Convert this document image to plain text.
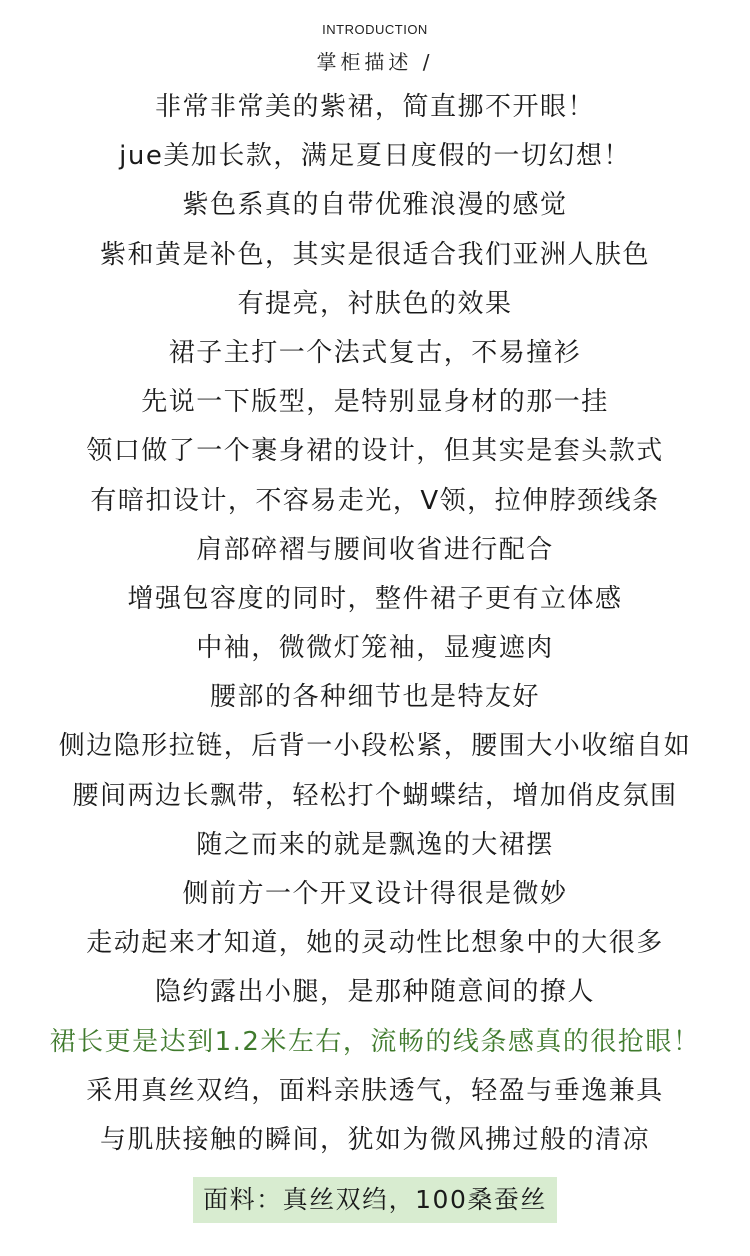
INTRODUCTION
掌柜描述 /
非常非常美的紫裙，简直挪不开眼！
jue美加长款，满足夏日度假的一切幻想！
紫色系真的自带优雅浪漫的感觉
紫和黄是补色，其实是很适合我们亚洲人肤色
有提亮，衬肤色的效果
裙子主打一个法式复古，不易撞衫
先说一下版型，是特别显身材的那一挂
领口做了一个裹身裙的设计，但其实是套头款式
有暗扣设计，不容易走光，V领，拉伸脖颈线条
肩部碎褶与腰间收省进行配合
增强包容度的同时，整件裙子更有立体感
中袖，微微灯笼袖，显瘦遮肉
腰部的各种细节也是特友好
侧边隐形拉链，后背一小段松紧，腰围大小收缩自如
腰间两边长飘带，轻松打个蝴蝶结，增加俏皮氛围
随之而来的就是飘逸的大裙摆
侧前方一个开叉设计得很是微妙
走动起来才知道，她的灵动性比想象中的大很多
隐约露出小腿，是那种随意间的撩人
裙长更是达到1.2米左右，流畅的线条感真的很抢眼！
采用真丝双绉，面料亲肤透气，轻盈与垂逸兼具
与肌肤接触的瞬间，犹如为微风拂过般的清凉
面料：真丝双绉，100桑蚕丝
